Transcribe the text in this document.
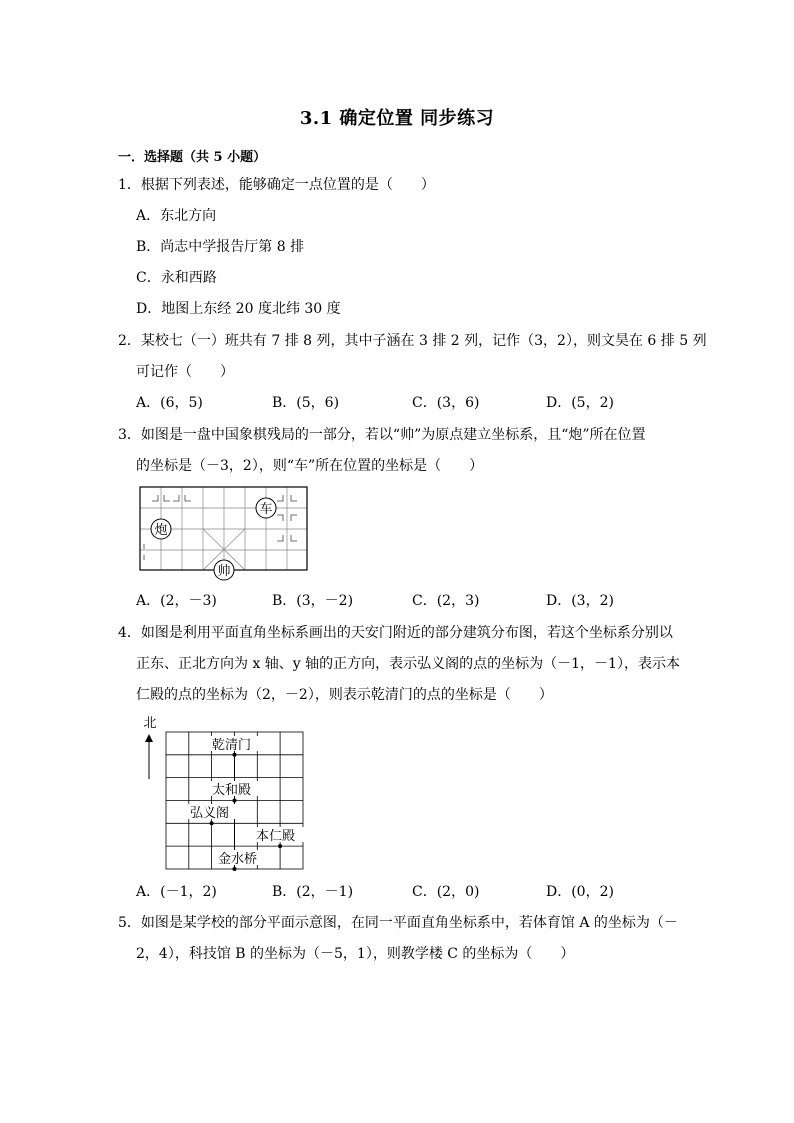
3.1 确定位置 同步练习
一．选择题（共 5 小题）
1．根据下列表述，能够确定一点位置的是（　　）
A．东北方向
B．尚志中学报告厅第 8 排
C．永和西路
D．地图上东经 20 度北纬 30 度
2．某校七（一）班共有 7 排 8 列，其中子涵在 3 排 2 列，记作（3，2），则文昊在 6 排 5 列
可记作（　　）
A．(6，5)	B．(5，6)	C．(3，6)	D．(5，2)
3．如图是一盘中国象棋残局的一部分，若以“帅”为原点建立坐标系，且“炮”所在位置
的坐标是（－3，2），则“车”所在位置的坐标是（　　）
炮
车
帅
A．(2，－3)	B．(3，－2)	C．(2，3)	D．(3，2)
4．如图是利用平面直角坐标系画出的天安门附近的部分建筑分布图，若这个坐标系分别以
正东、正北方向为 x 轴、y 轴的正方向，表示弘义阁的点的坐标为（－1，－1），表示本
仁殿的点的坐标为（2，－2），则表示乾清门的点的坐标是（　　）
北
乾清门
太和殿
弘义阁
本仁殿
金水桥
A．(－1，2)	B．(2，－1)	C．(2，0)	D．(0，2)
5．如图是某学校的部分平面示意图，在同一平面直角坐标系中，若体育馆 A 的坐标为（－
2，4），科技馆 B 的坐标为（－5，1），则教学楼 C 的坐标为（　　）
